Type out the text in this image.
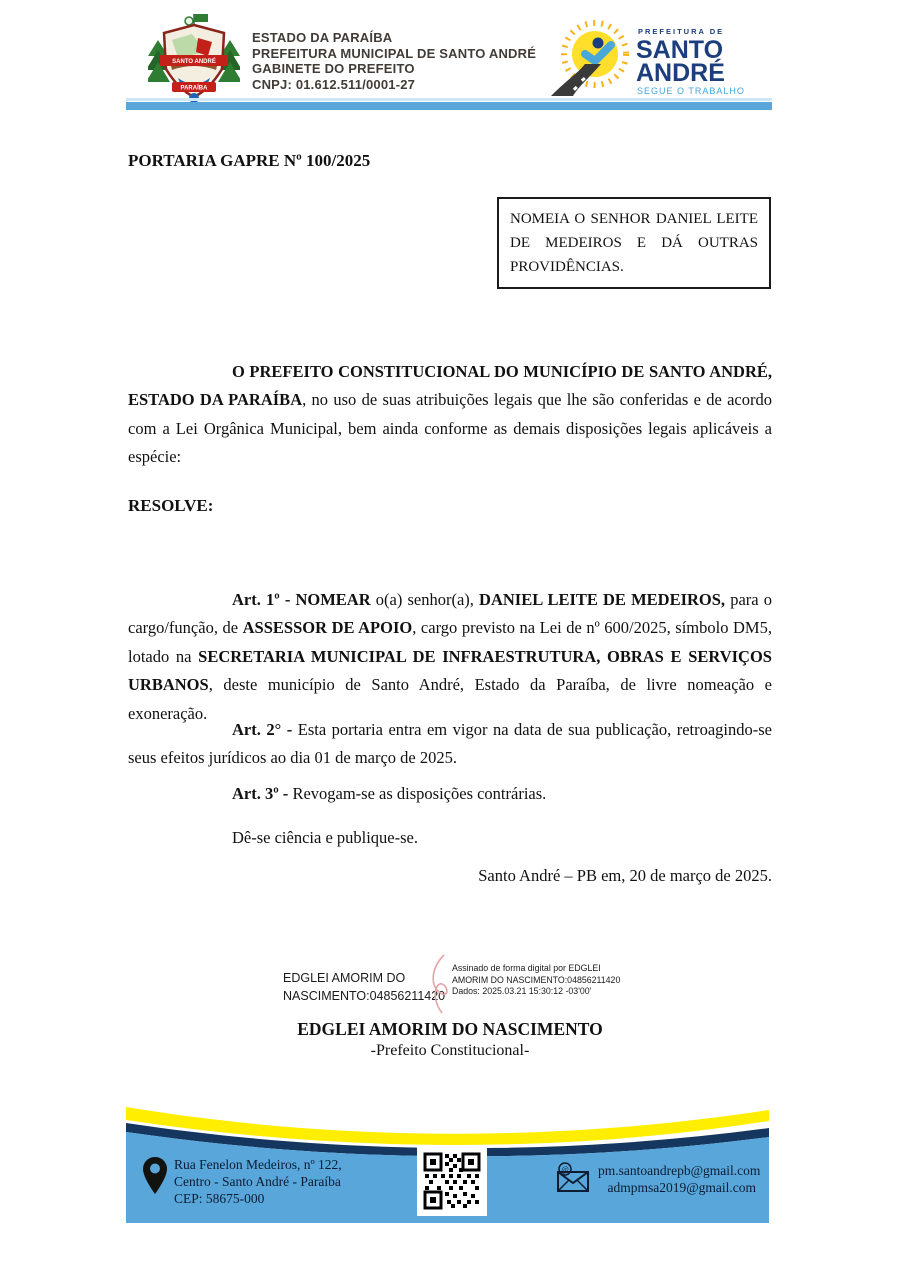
SANTO ANDRÉ
PARAÍBA
ESTADO DA PARAÍBA
PREFEITURA MUNICIPAL DE SANTO ANDRÉ
GABINETE DO PREFEITO
CNPJ: 01.612.511/0001-27
PREFEITURA DE
SANTO
ANDRÉ
SEGUE O TRABALHO
PORTARIA GAPRE Nº 100/2025
NOMEIA O SENHOR DANIEL LEITE DE MEDEIROS E DÁ OUTRAS PROVIDÊNCIAS.

O PREFEITO CONSTITUCIONAL DO MUNICÍPIO DE SANTO ANDRÉ, ESTADO DA PARAÍBA, no uso de suas atribuições legais que lhe são conferidas e de acordo com a Lei Orgânica Municipal, bem ainda conforme as demais disposições legais aplicáveis a espécie:

RESOLVE:

Art. 1º - NOMEAR o(a) senhor(a), DANIEL LEITE DE MEDEIROS, para o cargo/função, de ASSESSOR DE APOIO, cargo previsto na Lei de nº 600/2025, símbolo DM5, lotado na SECRETARIA MUNICIPAL DE INFRAESTRUTURA, OBRAS E SERVIÇOS URBANOS, deste município de Santo André, Estado da Paraíba, de livre nomeação e exoneração.

Art. 2° - Esta portaria entra em vigor na data de sua publicação, retroagindo-se seus efeitos jurídicos ao dia 01 de março de 2025.

Art. 3º - Revogam-se as disposições contrárias.

Dê-se ciência e publique-se.

Santo André – PB em, 20 de março de 2025.

EDGLEI AMORIM DO NASCIMENTO:04856211420
Assinado de forma digital por EDGLEI AMORIM DO NASCIMENTO:04856211420
Dados: 2025.03.21 15:30:12 -03'00'
EDGLEI AMORIM DO NASCIMENTO
-Prefeito Constitucional-
Rua Fenelon Medeiros, nº 122,
Centro - Santo André - Paraíba
CEP: 58675-000
@ pm.santoandrepb@gmail.com
admpmsa2019@gmail.com
